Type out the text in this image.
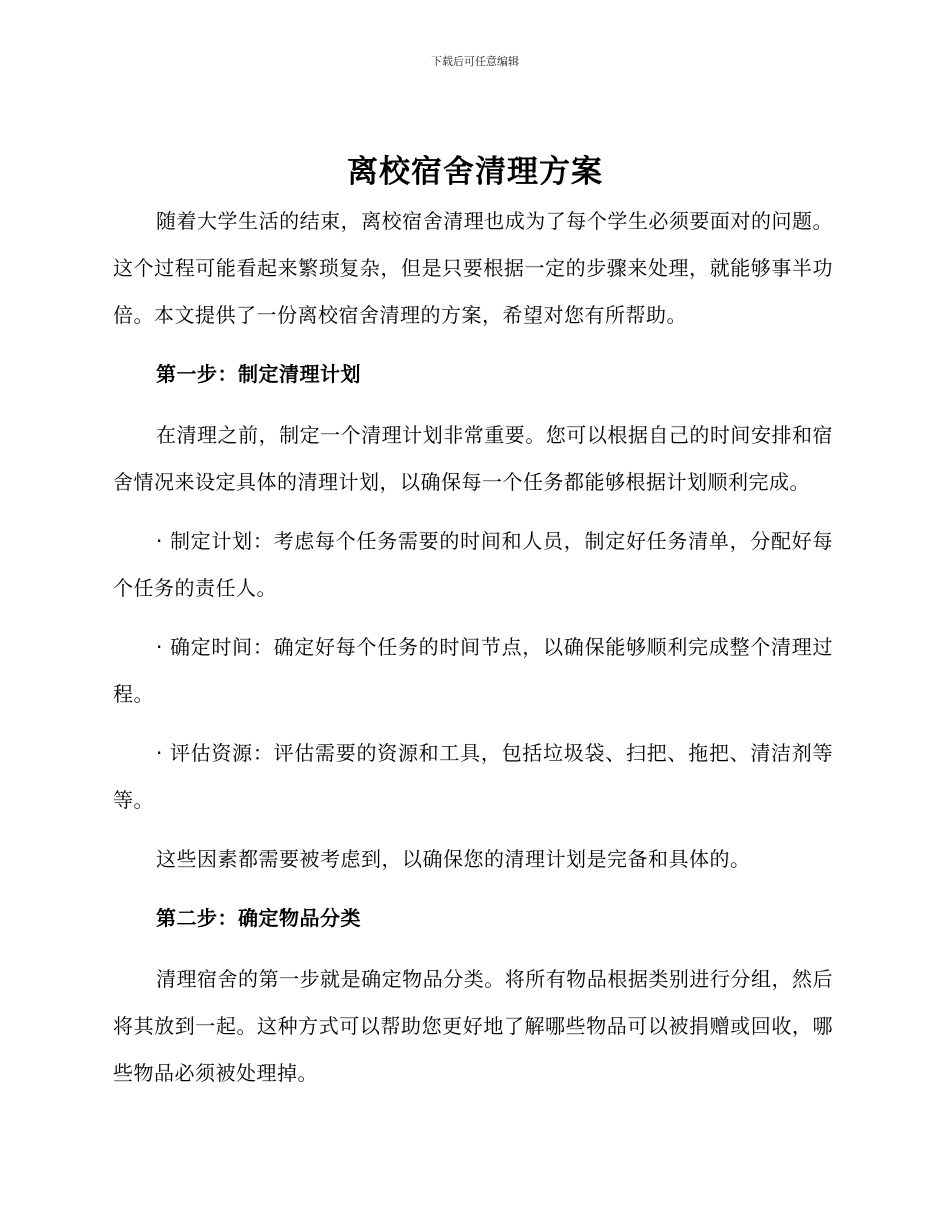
下载后可任意编辑
离校宿舍清理方案

随着大学生活的结束，离校宿舍清理也成为了每个学生必须要面对的问题。这个过程可能看起来繁琐复杂，但是只要根据一定的步骤来处理，就能够事半功倍。本文提供了一份离校宿舍清理的方案，希望对您有所帮助。

第一步：制定清理计划

在清理之前，制定一个清理计划非常重要。您可以根据自己的时间安排和宿舍情况来设定具体的清理计划，以确保每一个任务都能够根据计划顺利完成。

· 制定计划：考虑每个任务需要的时间和人员，制定好任务清单，分配好每个任务的责任人。

· 确定时间：确定好每个任务的时间节点，以确保能够顺利完成整个清理过程。

· 评估资源：评估需要的资源和工具，包括垃圾袋、扫把、拖把、清洁剂等等。

这些因素都需要被考虑到，以确保您的清理计划是完备和具体的。

第二步：确定物品分类

清理宿舍的第一步就是确定物品分类。将所有物品根据类别进行分组，然后将其放到一起。这种方式可以帮助您更好地了解哪些物品可以被捐赠或回收，哪些物品必须被处理掉。
